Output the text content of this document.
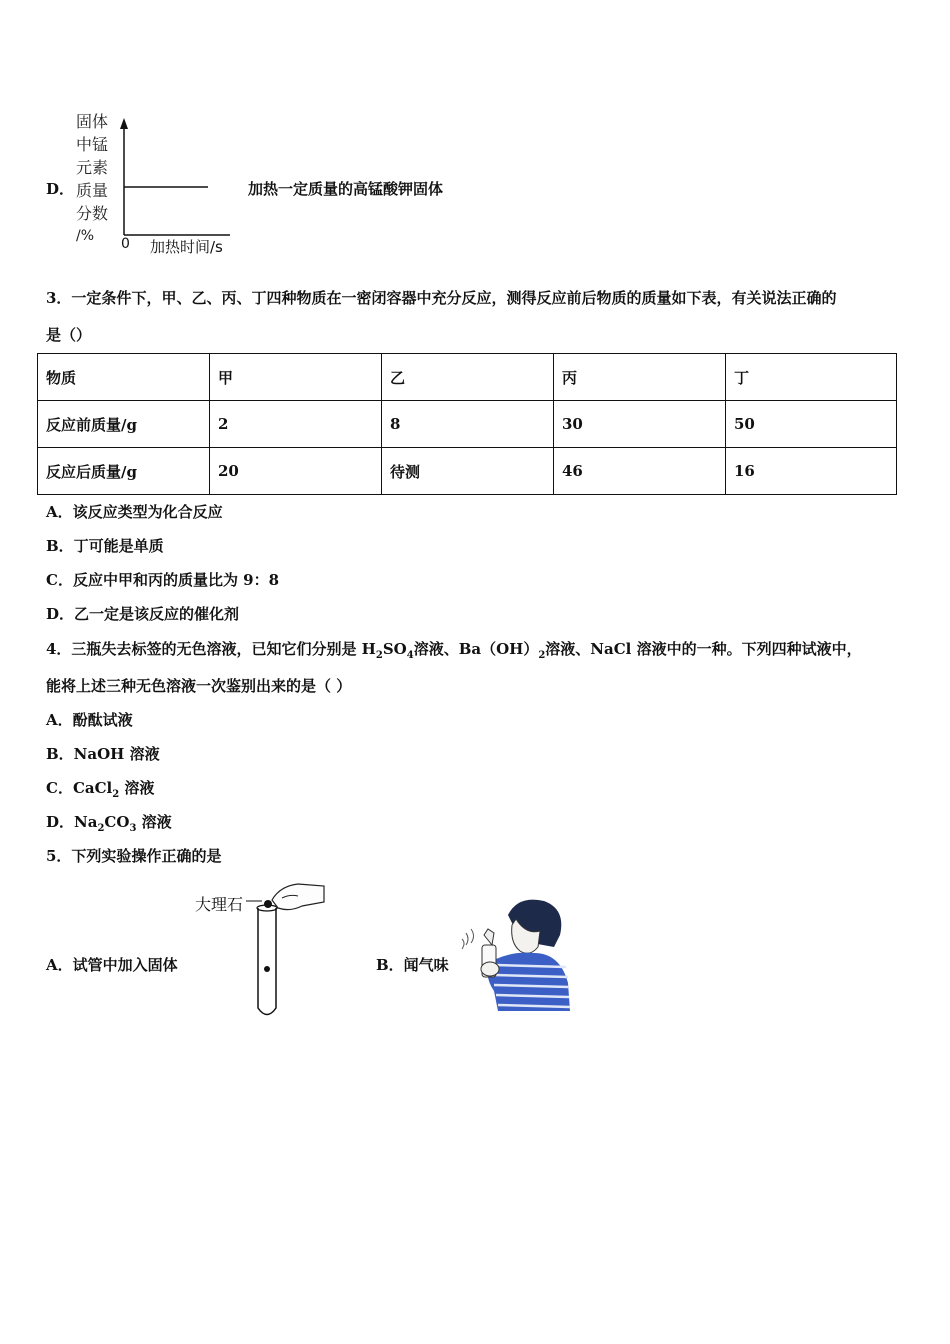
D．
固体
中锰
元素
质量
分数
/%	0 加热时间/s
加热一定质量的高锰酸钾固体
3．一定条件下，甲、乙、丙、丁四种物质在一密闭容器中充分反应，测得反应前后物质的质量如下表，有关说法正确的
是（）
物质	甲	乙	丙	丁
反应前质量/g	2	8	30	50
反应后质量/g	20	待测	46	16
A．该反应类型为化合反应
B．丁可能是单质
C．反应中甲和丙的质量比为 9：8
D．乙一定是该反应的催化剂
4．三瓶失去标签的无色溶液，已知它们分别是 $H_2SO_4$溶液、$Ba(OH)_2$溶液、NaCl 溶液中的一种。下列四种试液中，
能将上述三种无色溶液一次鉴别出来的是（ ）
A．酚酞试液
B．NaOH 溶液
C．CaCl$_2$ 溶液
D．$Na_2CO_3$ 溶液
5．下列实验操作正确的是
A．试管中加入固体
大理石
B．闻气味
